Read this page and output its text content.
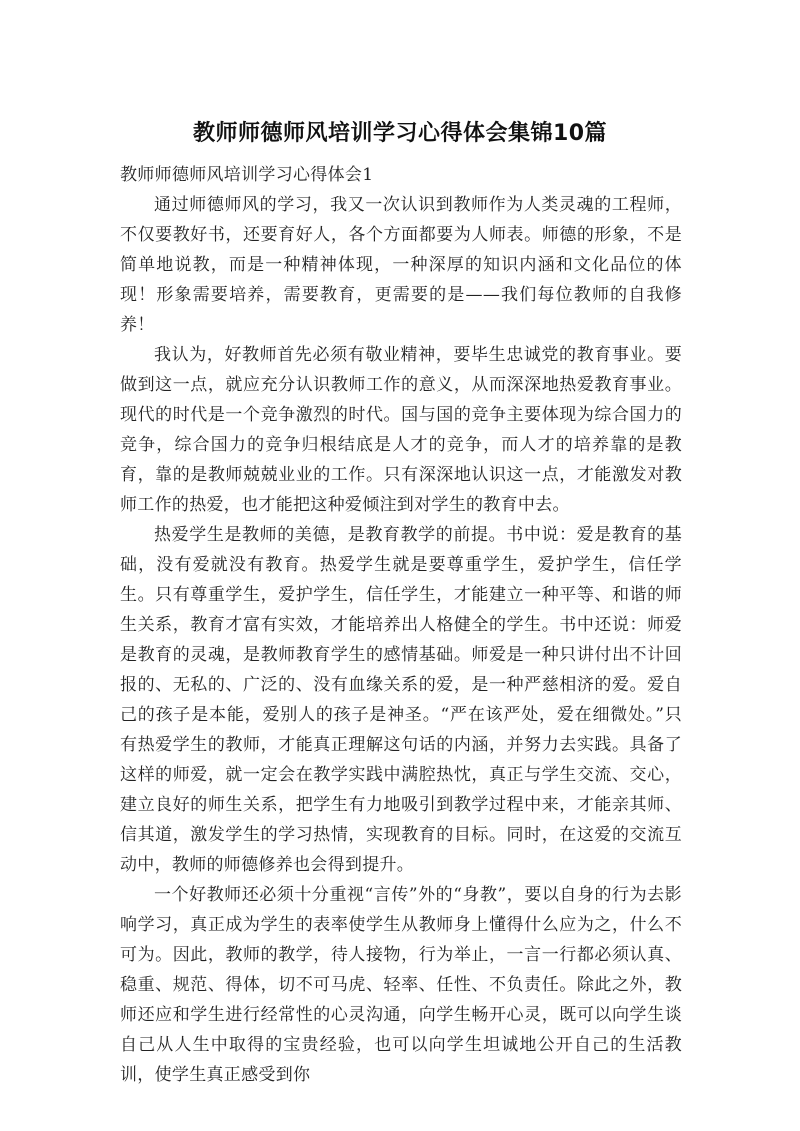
教师师德师风培训学习心得体会集锦10篇

教师师德师风培训学习心得体会1

通过师德师风的学习，我又一次认识到教师作为人类灵魂的工程师，不仅要教好书，还要育好人，各个方面都要为人师表。师德的形象，不是简单地说教，而是一种精神体现，一种深厚的知识内涵和文化品位的体现！形象需要培养，需要教育，更需要的是——我们每位教师的自我修养！

我认为，好教师首先必须有敬业精神，要毕生忠诚党的教育事业。要做到这一点，就应充分认识教师工作的意义，从而深深地热爱教育事业。现代的时代是一个竞争激烈的时代。国与国的竞争主要体现为综合国力的竞争，综合国力的竞争归根结底是人才的竞争，而人才的培养靠的是教育，靠的是教师兢兢业业的工作。只有深深地认识这一点，才能激发对教师工作的热爱，也才能把这种爱倾注到对学生的教育中去。

热爱学生是教师的美德，是教育教学的前提。书中说：爱是教育的基础，没有爱就没有教育。热爱学生就是要尊重学生，爱护学生，信任学生。只有尊重学生，爱护学生，信任学生，才能建立一种平等、和谐的师生关系，教育才富有实效，才能培养出人格健全的学生。书中还说：师爱是教育的灵魂，是教师教育学生的感情基础。师爱是一种只讲付出不计回报的、无私的、广泛的、没有血缘关系的爱，是一种严慈相济的爱。爱自己的孩子是本能，爱别人的孩子是神圣。“严在该严处，爱在细微处。”只有热爱学生的教师，才能真正理解这句话的内涵，并努力去实践。具备了这样的师爱，就一定会在教学实践中满腔热忱，真正与学生交流、交心，建立良好的师生关系，把学生有力地吸引到教学过程中来，才能亲其师、信其道，激发学生的学习热情，实现教育的目标。同时，在这爱的交流互动中，教师的师德修养也会得到提升。

一个好教师还必须十分重视“言传”外的“身教”，要以自身的行为去影响学习，真正成为学生的表率使学生从教师身上懂得什么应为之，什么不可为。因此，教师的教学，待人接物，行为举止，一言一行都必须认真、稳重、规范、得体，切不可马虎、轻率、任性、不负责任。除此之外，教师还应和学生进行经常性的心灵沟通，向学生畅开心灵，既可以向学生谈自己从人生中取得的宝贵经验，也可以向学生坦诚地公开自己的生活教训，使学生真正感受到你
